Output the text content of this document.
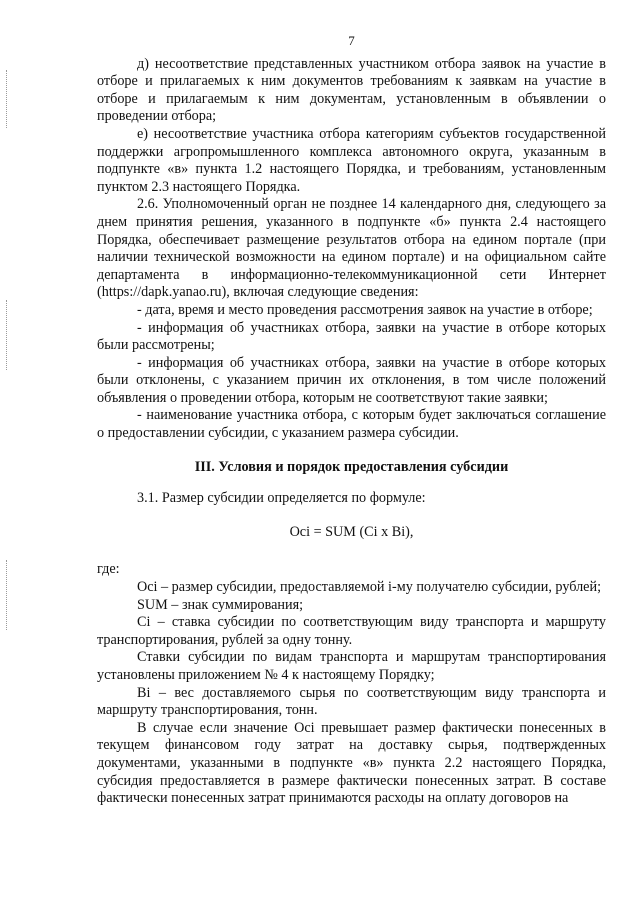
7

д) несоответствие представленных участником отбора заявок на участие в отборе и прилагаемых к ним документов требованиям к заявкам на участие в отборе и прилагаемым к ним документам, установленным в объявлении о проведении отбора;

е) несоответствие участника отбора категориям субъектов государственной поддержки агропромышленного комплекса автономного округа, указанным в подпункте «в» пункта 1.2 настоящего Порядка, и требованиям, установленным пунктом 2.3 настоящего Порядка.

2.6. Уполномоченный орган не позднее 14 календарного дня, следующего за днем принятия решения, указанного в подпункте «б» пункта 2.4 настоящего Порядка, обеспечивает размещение результатов отбора на едином портале (при наличии технической возможности на едином портале) и на официальном сайте департамента в информационно-телекоммуникационной сети Интернет (https://dapk.yanao.ru), включая следующие сведения:

- дата, время и место проведения рассмотрения заявок на участие в отборе;

- информация об участниках отбора, заявки на участие в отборе которых были рассмотрены;

- информация об участниках отбора, заявки на участие в отборе которых были отклонены, с указанием причин их отклонения, в том числе положений объявления о проведении отбора, которым не соответствуют такие заявки;

- наименование участника отбора, с которым будет заключаться соглашение о предоставлении субсидии, с указанием размера субсидии.

III. Условия и порядок предоставления субсидии

3.1. Размер субсидии определяется по формуле:

Oci = SUM (Ci x Bi),

где:

Oci – размер субсидии, предоставляемой i-му получателю субсидии, рублей;

SUM – знак суммирования;

Ci – ставка субсидии по соответствующим виду транспорта и маршруту транспортирования, рублей за одну тонну.

Ставки субсидии по видам транспорта и маршрутам транспортирования установлены приложением № 4 к настоящему Порядку;

Bi – вес доставляемого сырья по соответствующим виду транспорта и маршруту транспортирования, тонн.

В случае если значение Oci превышает размер фактически понесенных в текущем финансовом году затрат на доставку сырья, подтвержденных документами, указанными в подпункте «в» пункта 2.2 настоящего Порядка, субсидия предоставляется в размере фактически понесенных затрат. В составе фактически понесенных затрат принимаются расходы на оплату договоров на
